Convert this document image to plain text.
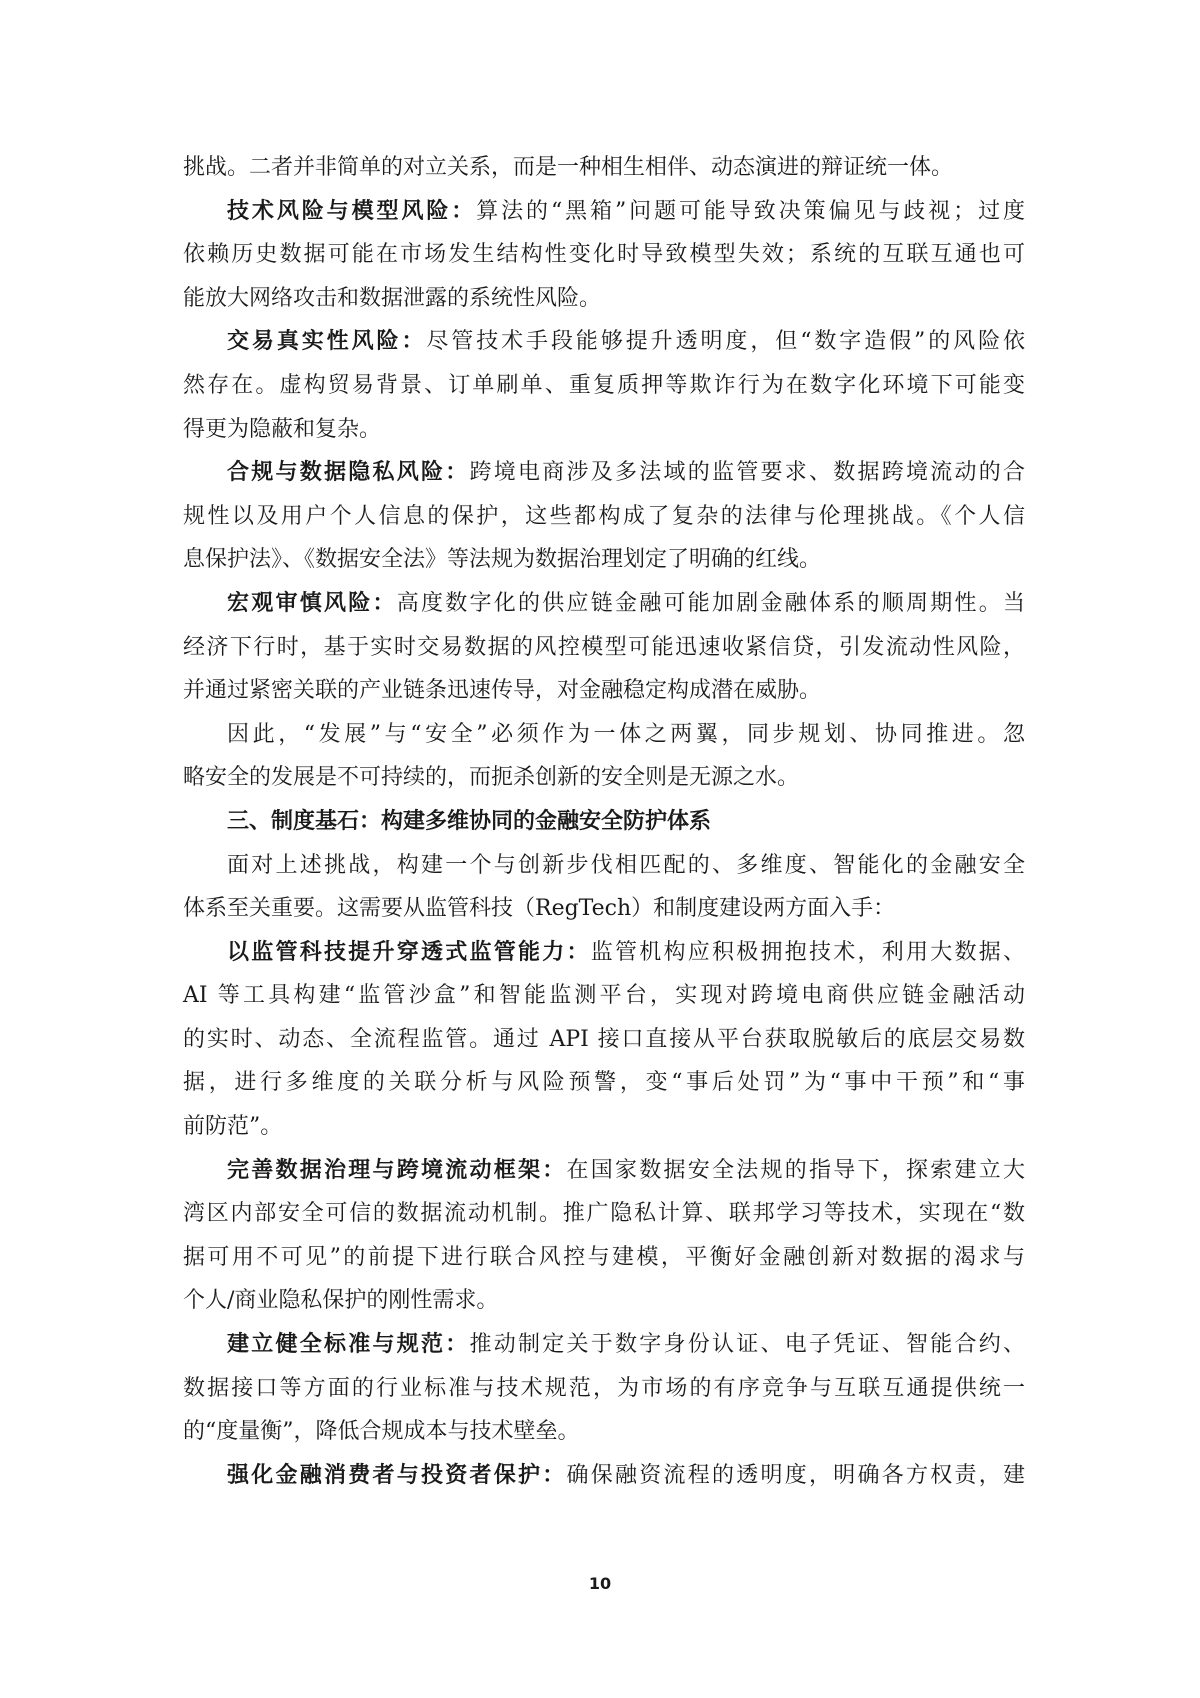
挑战。二者并非简单的对立关系，而是一种相生相伴、动态演进的辩证统一体。
技术风险与模型风险：算法的“黑箱”问题可能导致决策偏见与歧视；过度
依赖历史数据可能在市场发生结构性变化时导致模型失效；系统的互联互通也可
能放大网络攻击和数据泄露的系统性风险。
交易真实性风险：尽管技术手段能够提升透明度，但“数字造假”的风险依
然存在。虚构贸易背景、订单刷单、重复质押等欺诈行为在数字化环境下可能变
得更为隐蔽和复杂。
合规与数据隐私风险：跨境电商涉及多法域的监管要求、数据跨境流动的合
规性以及用户个人信息的保护，这些都构成了复杂的法律与伦理挑战。《个人信
息保护法》、《数据安全法》等法规为数据治理划定了明确的红线。
宏观审慎风险：高度数字化的供应链金融可能加剧金融体系的顺周期性。当
经济下行时，基于实时交易数据的风控模型可能迅速收紧信贷，引发流动性风险，
并通过紧密关联的产业链条迅速传导，对金融稳定构成潜在威胁。
因此，“发展”与“安全”必须作为一体之两翼，同步规划、协同推进。忽
略安全的发展是不可持续的，而扼杀创新的安全则是无源之水。
三、制度基石：构建多维协同的金融安全防护体系
面对上述挑战，构建一个与创新步伐相匹配的、多维度、智能化的金融安全
体系至关重要。这需要从监管科技（RegTech）和制度建设两方面入手：
以监管科技提升穿透式监管能力：监管机构应积极拥抱技术，利用大数据、
AI 等工具构建“监管沙盒”和智能监测平台，实现对跨境电商供应链金融活动
的实时、动态、全流程监管。通过 API 接口直接从平台获取脱敏后的底层交易数
据，进行多维度的关联分析与风险预警，变“事后处罚”为“事中干预”和“事
前防范”。
完善数据治理与跨境流动框架：在国家数据安全法规的指导下，探索建立大
湾区内部安全可信的数据流动机制。推广隐私计算、联邦学习等技术，实现在“数
据可用不可见”的前提下进行联合风控与建模，平衡好金融创新对数据的渴求与
个人/商业隐私保护的刚性需求。
建立健全标准与规范：推动制定关于数字身份认证、电子凭证、智能合约、
数据接口等方面的行业标准与技术规范，为市场的有序竞争与互联互通提供统一
的“度量衡”，降低合规成本与技术壁垒。
强化金融消费者与投资者保护：确保融资流程的透明度，明确各方权责，建
10
